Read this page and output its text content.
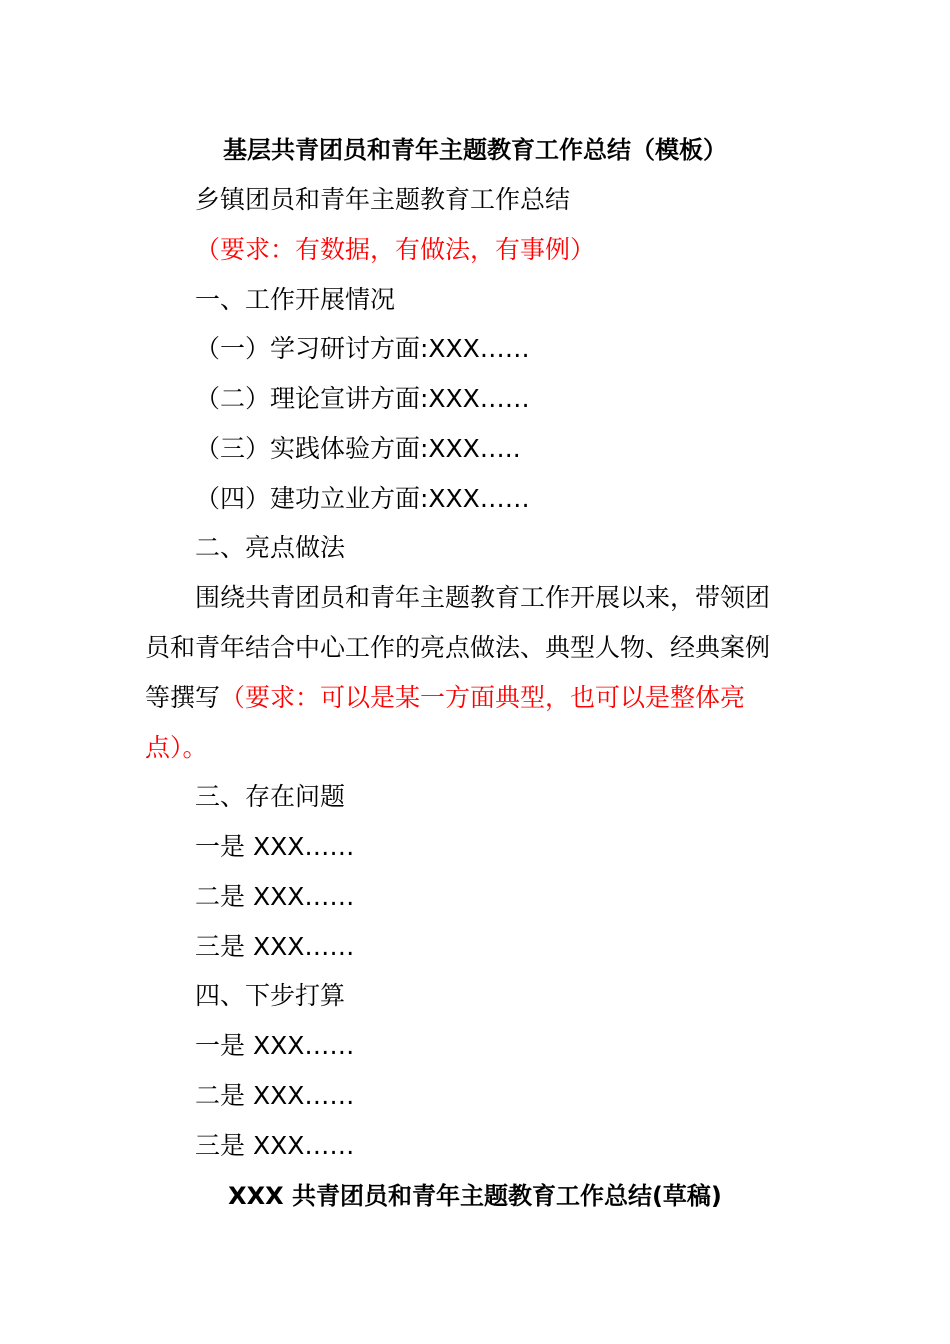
基层共青团员和青年主题教育工作总结（模板）

乡镇团员和青年主题教育工作总结

（要求：有数据，有做法，有事例）

一、工作开展情况

（一）学习研讨方面:XXX……

（二）理论宣讲方面:XXX……

（三）实践体验方面:XXX…..

（四）建功立业方面:XXX……

二、亮点做法

围绕共青团员和青年主题教育工作开展以来，带领团

员和青年结合中心工作的亮点做法、典型人物、经典案例

等撰写（要求：可以是某一方面典型，也可以是整体亮

点）。

三、存在问题

一是 XXX……

二是 XXX……

三是 XXX……

四、下步打算

一是 XXX……

二是 XXX……

三是 XXX……

XXX 共青团员和青年主题教育工作总结(草稿)
